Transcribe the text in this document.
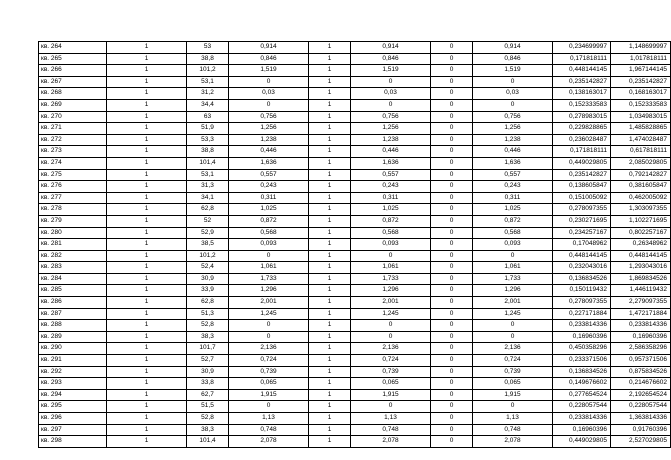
кв. 264	1	53	0,914	1	0,914	0	0,914	0,234699997	1,148699997
кв. 265	1	38,8	0,846	1	0,846	0	0,846	0,171818111	1,017818111
кв. 266	1	101,2	1,519	1	1,519	0	1,519	0,448144145	1,967144145
кв. 267	1	53,1	0	1	0	0	0	0,235142827	0,235142827
кв. 268	1	31,2	0,03	1	0,03	0	0,03	0,138163017	0,168163017
кв. 269	1	34,4	0	1	0	0	0	0,152333583	0,152333583
кв. 270	1	63	0,756	1	0,756	0	0,756	0,278983015	1,034983015
кв. 271	1	51,9	1,256	1	1,256	0	1,256	0,229828865	1,485828865
кв. 272	1	53,3	1,238	1	1,238	0	1,238	0,236028487	1,474028487
кв. 273	1	38,8	0,446	1	0,446	0	0,446	0,171818111	0,617818111
кв. 274	1	101,4	1,636	1	1,636	0	1,636	0,449029805	2,085029805
кв. 275	1	53,1	0,557	1	0,557	0	0,557	0,235142827	0,792142827
кв. 276	1	31,3	0,243	1	0,243	0	0,243	0,138605847	0,381605847
кв. 277	1	34,1	0,311	1	0,311	0	0,311	0,151005092	0,462005092
кв. 278	1	62,8	1,025	1	1,025	0	1,025	0,278097355	1,303097355
кв. 279	1	52	0,872	1	0,872	0	0,872	0,230271695	1,102271695
кв. 280	1	52,9	0,568	1	0,568	0	0,568	0,234257167	0,802257167
кв. 281	1	38,5	0,093	1	0,093	0	0,093	0,17048962	0,26348962
кв. 282	1	101,2	0	1	0	0	0	0,448144145	0,448144145
кв. 283	1	52,4	1,061	1	1,061	0	1,061	0,232043016	1,293043016
кв. 284	1	30,9	1,733	1	1,733	0	1,733	0,136834526	1,869834526
кв. 285	1	33,9	1,296	1	1,296	0	1,296	0,150119432	1,446119432
кв. 286	1	62,8	2,001	1	2,001	0	2,001	0,278097355	2,279097355
кв. 287	1	51,3	1,245	1	1,245	0	1,245	0,227171884	1,472171884
кв. 288	1	52,8	0	1	0	0	0	0,233814336	0,233814336
кв. 289	1	38,3	0	1	0	0	0	0,16960396	0,16960396
кв. 290	1	101,7	2,136	1	2,136	0	2,136	0,450358296	2,586358296
кв. 291	1	52,7	0,724	1	0,724	0	0,724	0,233371506	0,957371506
кв. 292	1	30,9	0,739	1	0,739	0	0,739	0,136834526	0,875834526
кв. 293	1	33,8	0,065	1	0,065	0	0,065	0,149676602	0,214676602
кв. 294	1	62,7	1,915	1	1,915	0	1,915	0,277654524	2,192654524
кв. 295	1	51,5	0	1	0	0	0	0,228057544	0,228057544
кв. 296	1	52,8	1,13	1	1,13	0	1,13	0,233814336	1,363814336
кв. 297	1	38,3	0,748	1	0,748	0	0,748	0,16960396	0,91760396
кв. 298	1	101,4	2,078	1	2,078	0	2,078	0,449029805	2,527029805
